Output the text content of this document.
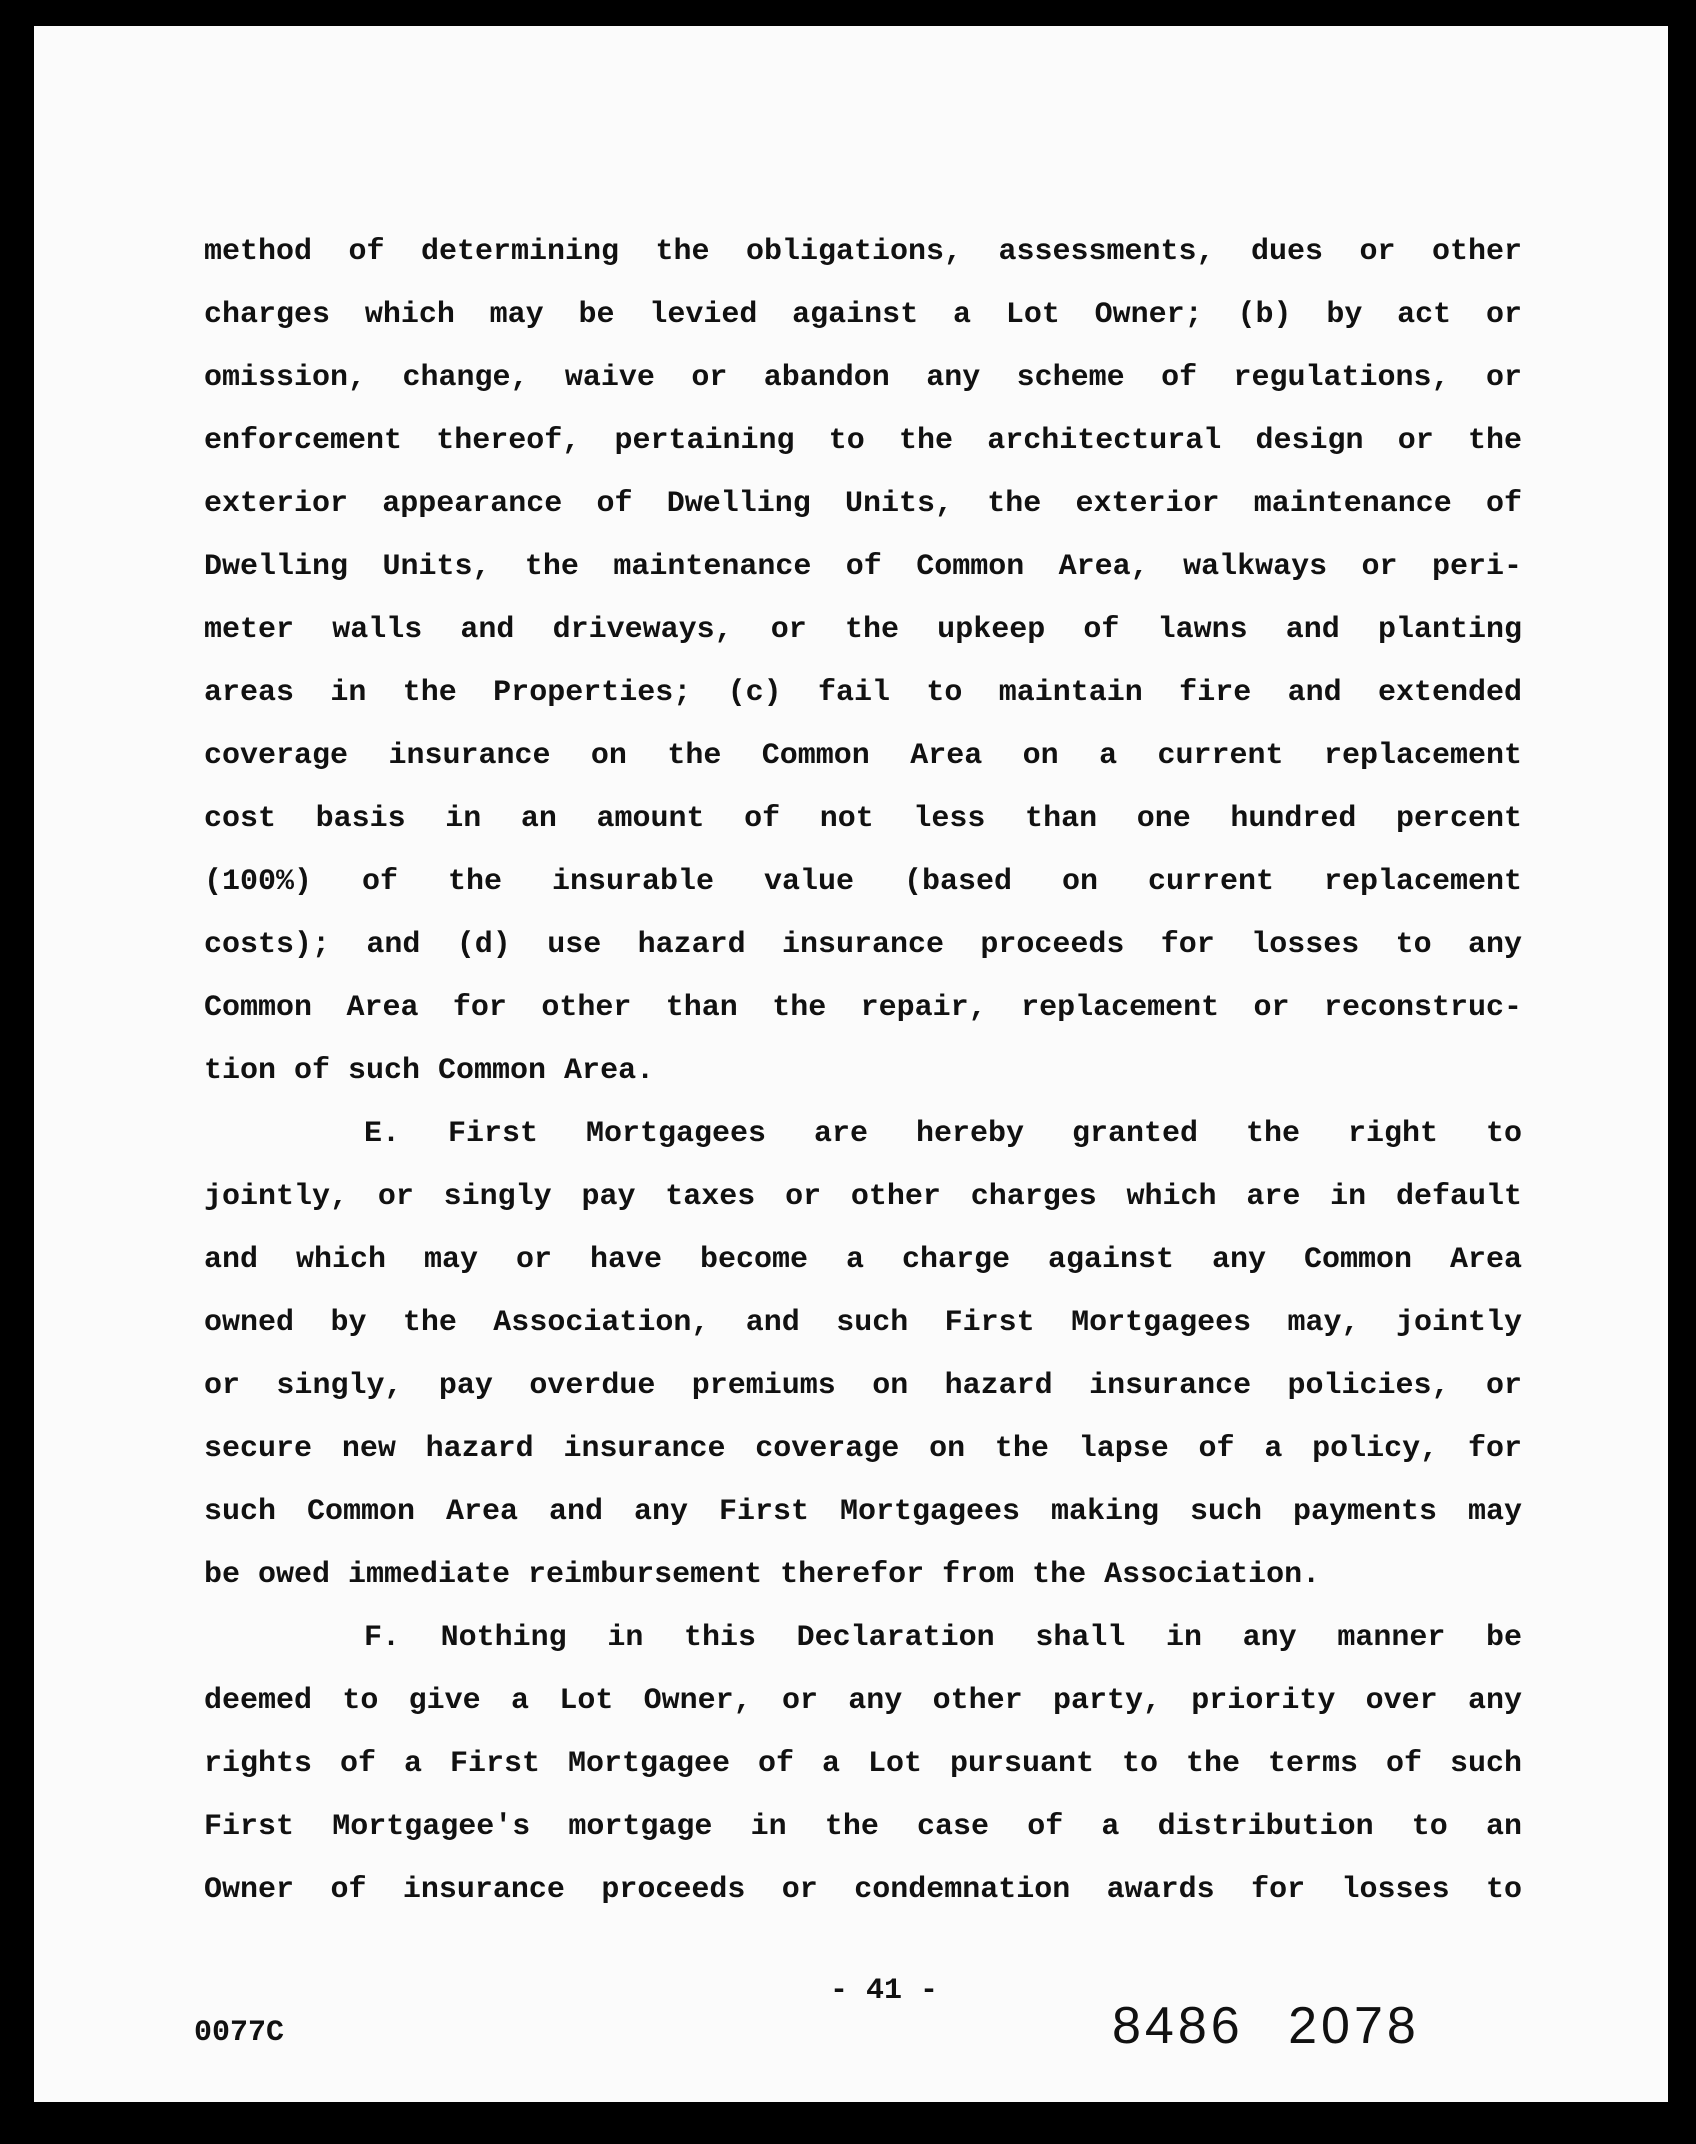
method of determining the obligations, assessments, dues or other
charges which may be levied against a Lot Owner; (b) by act or
omission, change, waive or abandon any scheme of regulations, or
enforcement thereof, pertaining to the architectural design or the
exterior appearance of Dwelling Units, the exterior maintenance of
Dwelling Units, the maintenance of Common Area, walkways or peri-
meter walls and driveways, or the upkeep of lawns and planting
areas in the Properties; (c) fail to maintain fire and extended
coverage insurance on the Common Area on a current replacement
cost basis in an amount of not less than one hundred percent
(100%) of the insurable value (based on current replacement
costs); and (d) use hazard insurance proceeds for losses to any
Common Area for other than the repair, replacement or reconstruc-
tion of such Common Area.
E. First Mortgagees are hereby granted the right to
jointly, or singly pay taxes or other charges which are in default
and which may or have become a charge against any Common Area
owned by the Association, and such First Mortgagees may, jointly
or singly, pay overdue premiums on hazard insurance policies, or
secure new hazard insurance coverage on the lapse of a policy, for
such Common Area and any First Mortgagees making such payments may
be owed immediate reimbursement therefor from the Association.
F. Nothing in this Declaration shall in any manner be
deemed to give a Lot Owner, or any other party, priority over any
rights of a First Mortgagee of a Lot pursuant to the terms of such
First Mortgagee's mortgage in the case of a distribution to an
Owner of insurance proceeds or condemnation awards for losses to
- 41 -
0077C	8486 2078
